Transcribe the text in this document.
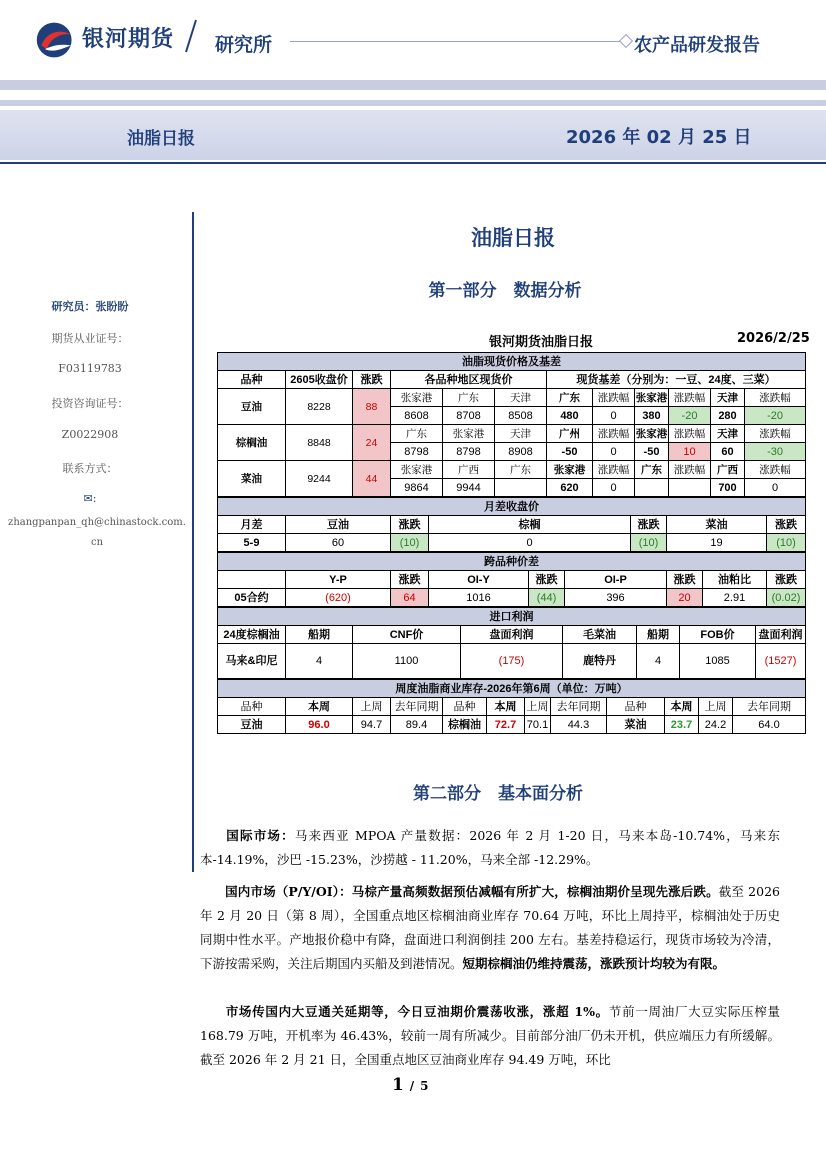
银河期货 研究所	农产品研发报告
油脂日报	2026 年 02 月 25 日
研究员：张盼盼
期货从业证号：
F03119783
投资咨询证号：
Z0022908
联系方式：
✉:
zhangpanpan_qh@chinastock.com.cn
油脂日报
第一部分　数据分析
银河期货油脂日报	2026/2/25
油脂现货价格及基差											
品种	2605收盘价	涨跌	各品种地区现货价			现货基差（分别为：一豆、24度、三菜）					
豆油	8228	88	张家港	广东	天津	广东	涨跌幅	张家港	涨跌幅	天津	涨跌幅
			8608	8708	8508	480	0	380	-20	280	-20
棕榈油	8848	24	广东	张家港	天津	广州	涨跌幅	张家港	涨跌幅	天津	涨跌幅
			8798	8798	8908	-50	0	-50	10	60	-30
菜油	9244	44	张家港	广西	广东	张家港	涨跌幅	广东	涨跌幅	广西	涨跌幅
			9864	9944		620	0			700	0
月差收盘价						
月差	豆油	涨跌	棕榈	涨跌	菜油	涨跌
5-9	60	(10)	0	(10)	19	(10)
跨品种价差								
	Y-P	涨跌	OI-Y	涨跌	OI-P	涨跌	油粕比	涨跌
05合约	(620)	64	1016	(44)	396	20	2.91	(0.02)
进口利润							
24度棕榈油	船期	CNF价	盘面利润	毛菜油	船期	FOB价	盘面利润
马来&印尼	4	1100	(175)	鹿特丹	4	1085	(1527)
周度油脂商业库存-2026年第6周（单位：万吨）											
品种	本周	上周	去年同期	品种	本周	上周	去年同期	品种	本周	上周	去年同期
豆油	96.0	94.7	89.4	棕榈油	72.7	70.1	44.3	菜油	23.7	24.2	64.0
第二部分　基本面分析
  国际市场：马来西亚 MPOA 产量数据：2026 年 2 月 1-20 日，马来本岛-10.74%，马来东本-14.19%，沙巴 -15.23%，沙捞越 - 11.20%，马来全部 -12.29%。
  国内市场（P/Y/OI）：马棕产量高频数据预估减幅有所扩大，棕榈油期价呈现先涨后跌。截至 2026 年 2 月 20 日（第 8 周），全国重点地区棕榈油商业库存 70.64 万吨，环比上周持平，棕榈油处于历史同期中性水平。产地报价稳中有降，盘面进口利润倒挂 200 左右。基差持稳运行，现货市场较为冷清，下游按需采购，关注后期国内买船及到港情况。短期棕榈油仍维持震荡，涨跌预计均较为有限。
  市场传国内大豆通关延期等，今日豆油期价震荡收涨，涨超 1%。节前一周油厂大豆实际压榨量 168.79 万吨，开机率为 46.43%，较前一周有所减少。目前部分油厂仍未开机，供应端压力有所缓解。截至 2026 年 2 月 21 日，全国重点地区豆油商业库存 94.49 万吨，环比
1 / 5
